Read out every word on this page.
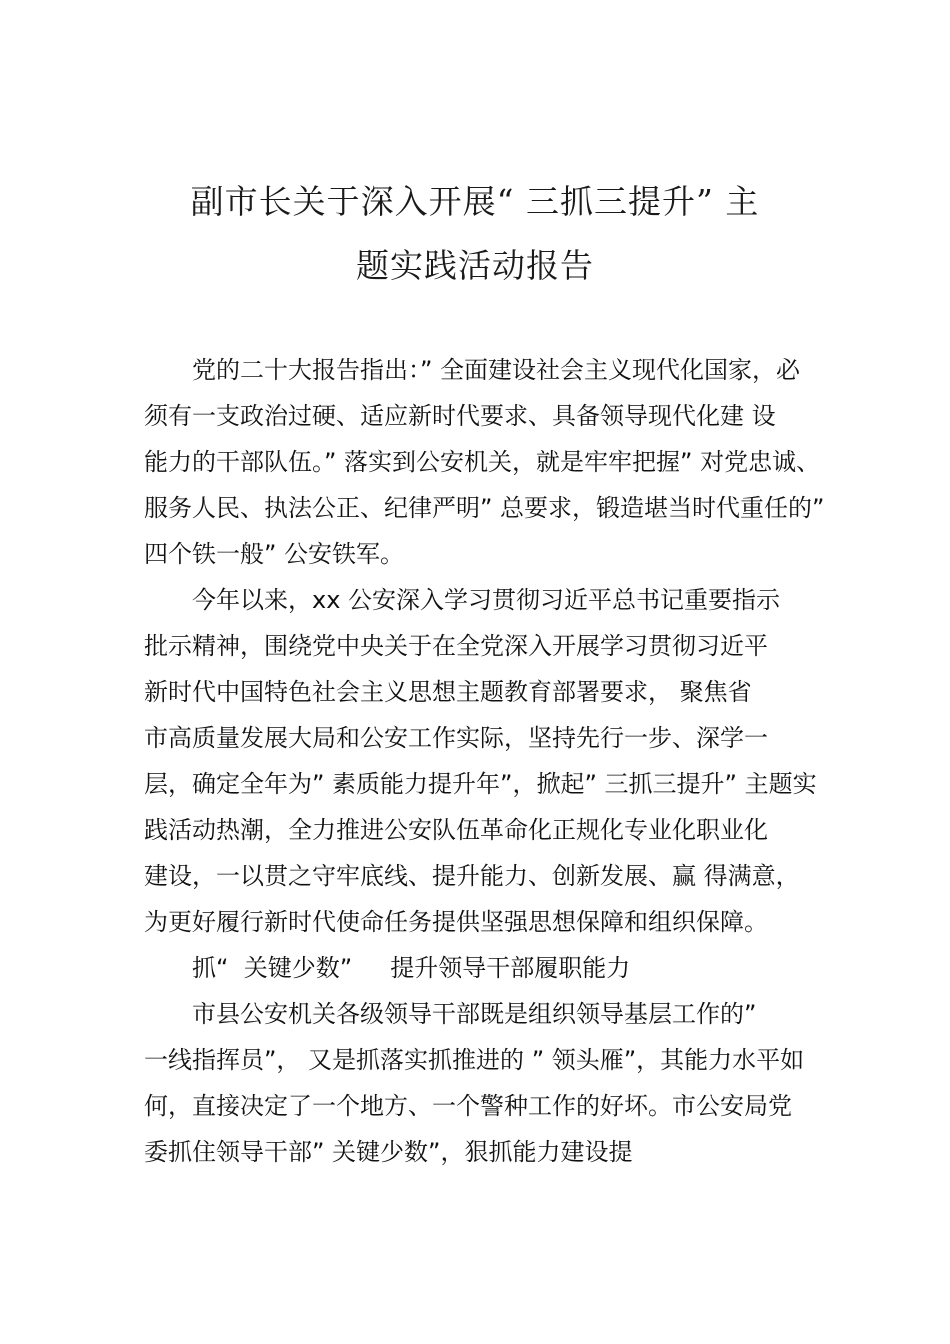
副市长关于深入开展“ 三抓三提升” 主
题实践活动报告
党的二十大报告指出：” 全面建设社会主义现代化国家，必
须有一支政治过硬、适应新时代要求、具备领导现代化建 设
能力的干部队伍。” 落实到公安机关，就是牢牢把握” 对党忠诚、
服务人民、执法公正、纪律严明” 总要求，锻造堪当时代重任的”
四个铁一般” 公安铁军。
今年以来，xx 公安深入学习贯彻习近平总书记重要指示
批示精神，围绕党中央关于在全党深入开展学习贯彻习近平
新时代中国特色社会主义思想主题教育部署要求， 聚焦省
市高质量发展大局和公安工作实际，坚持先行一步、深学一
层，确定全年为” 素质能力提升年”，掀起” 三抓三提升” 主题实
践活动热潮，全力推进公安队伍革命化正规化专业化职业化
建设，一以贯之守牢底线、提升能力、创新发展、赢 得满意，
为更好履行新时代使命任务提供坚强思想保障和组织保障。
抓“  关键少数”     提升领导干部履职能力
市县公安机关各级领导干部既是组织领导基层工作的”
一线指挥员”， 又是抓落实抓推进的 ” 领头雁”，其能力水平如
何，直接决定了一个地方、一个警种工作的好坏。市公安局党
委抓住领导干部” 关键少数”，狠抓能力建设提
